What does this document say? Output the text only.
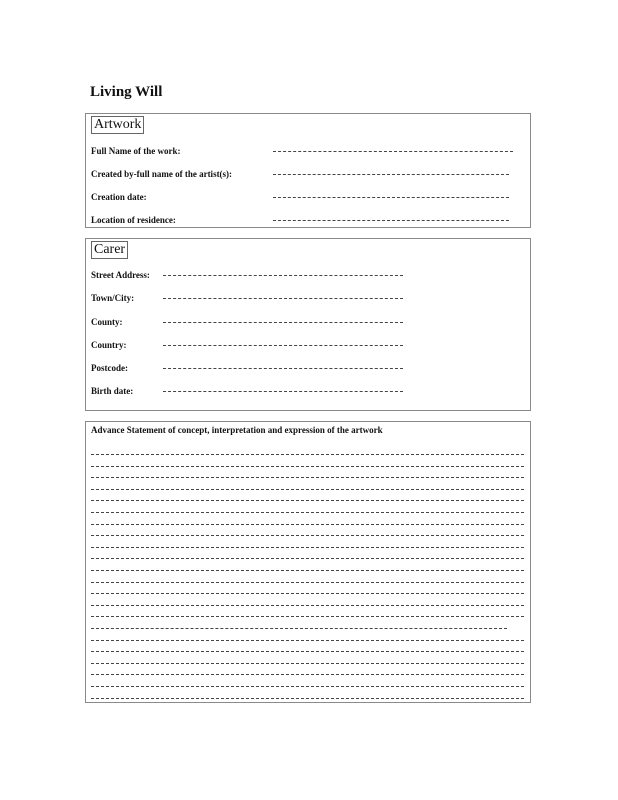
Living Will
Artwork
Full Name of the work:
Created by-full name of the artist(s):
Creation date:
Location of residence:
Carer
Street Address:
Town/City:
County:
Country:
Postcode:
Birth date:
Advance Statement of concept, interpretation and expression of the artwork
